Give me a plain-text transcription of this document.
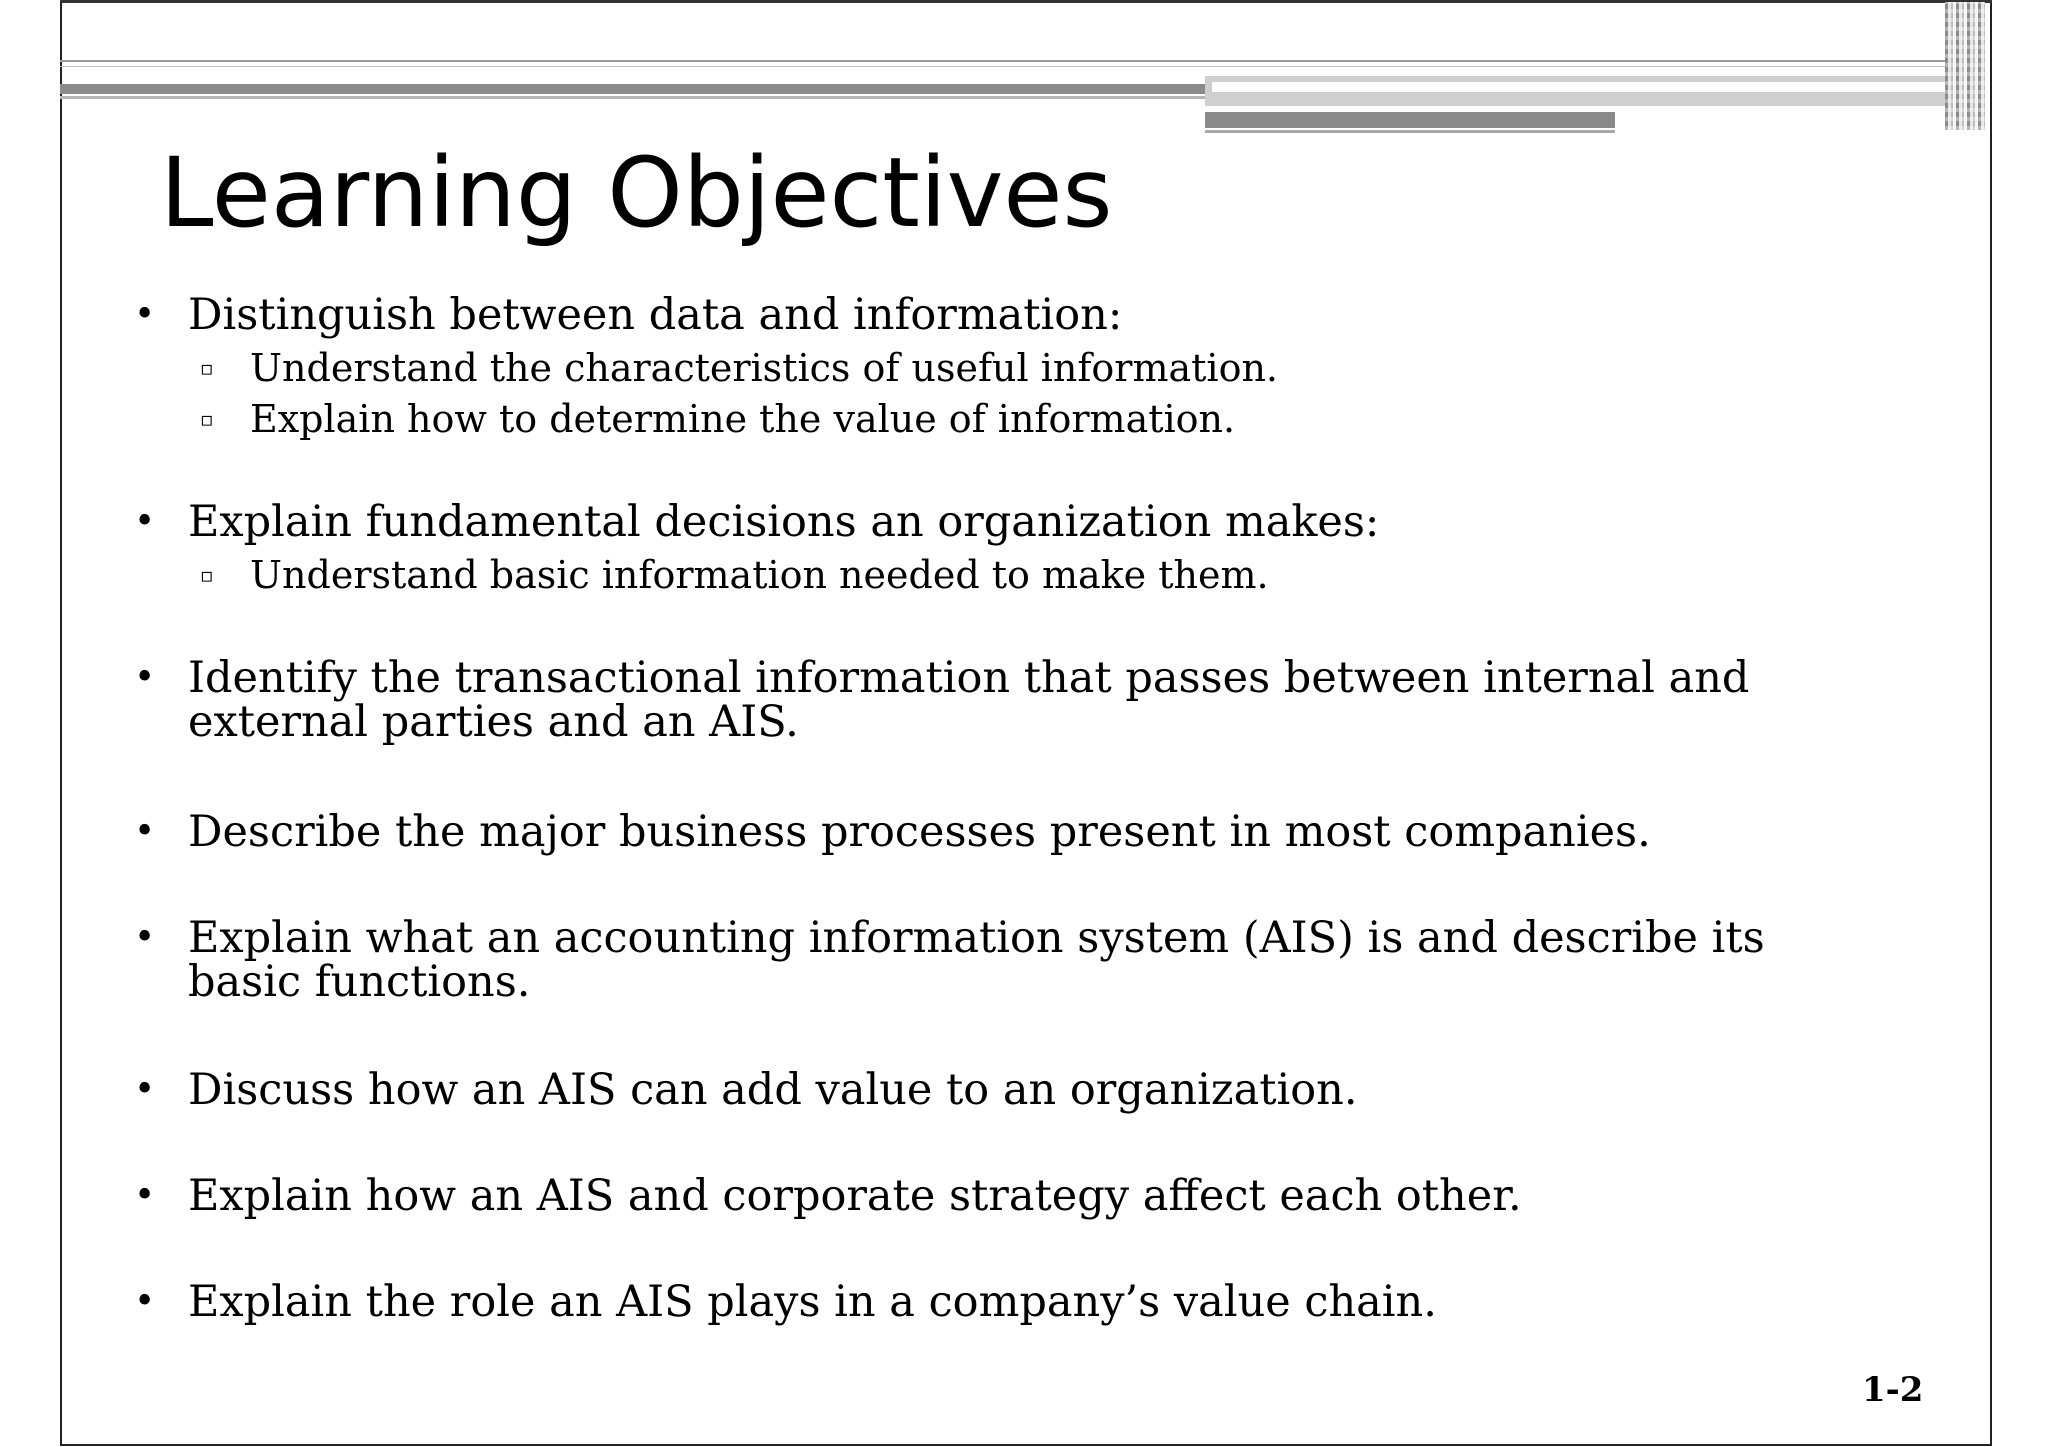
Learning Objectives
• Distinguish between data and information:
▫ Understand the characteristics of useful information.
▫ Explain how to determine the value of information.
• Explain fundamental decisions an organization makes:
▫ Understand basic information needed to make them.
• Identify the transactional information that passes between internal and external parties and an AIS.
• Describe the major business processes present in most companies.
• Explain what an accounting information system (AIS) is and describe its basic functions.
• Discuss how an AIS can add value to an organization.
• Explain how an AIS and corporate strategy affect each other.
• Explain the role an AIS plays in a company’s value chain.
1-2
